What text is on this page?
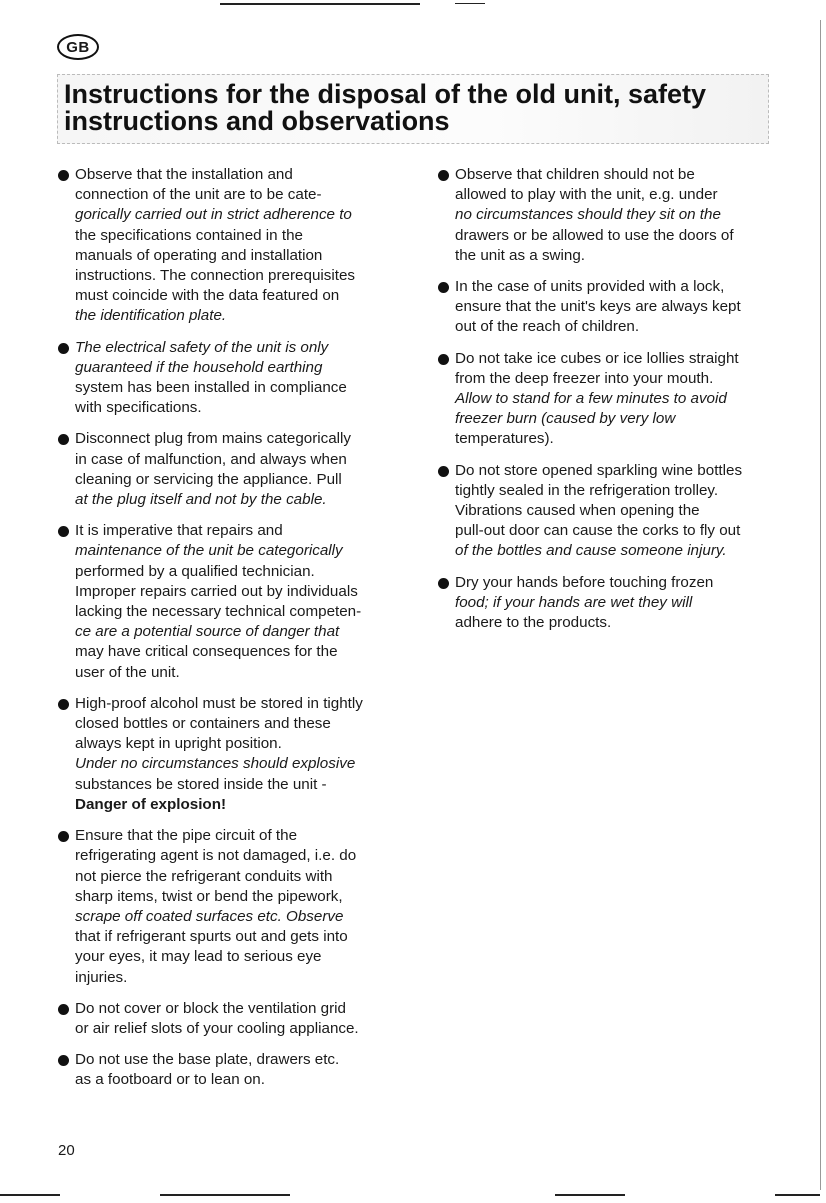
GB
Instructions for the disposal of the old unit, safety
instructions and observations
Observe that the installation and
connection of the unit are to be cate-
gorically carried out in strict adherence to
the specifications contained in the
manuals of operating and installation
instructions. The connection prerequisites
must coincide with the data featured on
the identification plate.
The electrical safety of the unit is only
guaranteed if the household earthing
system has been installed in compliance
with specifications.
Disconnect plug from mains categorically
in case of malfunction, and always when
cleaning or servicing the appliance. Pull
at the plug itself and not by the cable.
It is imperative that repairs and
maintenance of the unit be categorically
performed by a qualified technician.
Improper repairs carried out by individuals
lacking the necessary technical competen-
ce are a potential source of danger that
may have critical consequences for the
user of the unit.
High-proof alcohol must be stored in tightly
closed bottles or containers and these
always kept in upright position.
Under no circumstances should explosive
substances be stored inside the unit -
Danger of explosion!
Ensure that the pipe circuit of the
refrigerating agent is not damaged, i.e. do
not pierce the refrigerant conduits with
sharp items, twist or bend the pipework,
scrape off coated surfaces etc. Observe
that if refrigerant spurts out and gets into
your eyes, it may lead to serious eye
injuries.
Do not cover or block the ventilation grid
or air relief slots of your cooling appliance.
Do not use the base plate, drawers etc.
as a footboard or to lean on.
Observe that children should not be
allowed to play with the unit, e.g. under
no circumstances should they sit on the
drawers or be allowed to use the doors of
the unit as a swing.
In the case of units provided with a lock,
ensure that the unit's keys are always kept
out of the reach of children.
Do not take ice cubes or ice lollies straight
from the deep freezer into your mouth.
Allow to stand for a few minutes to avoid
freezer burn (caused by very low
temperatures).
Do not store opened sparkling wine bottles
tightly sealed in the refrigeration trolley.
Vibrations caused when opening the
pull-out door can cause the corks to fly out
of the bottles and cause someone injury.
Dry your hands before touching frozen
food; if your hands are wet they will
adhere to the products.
20
